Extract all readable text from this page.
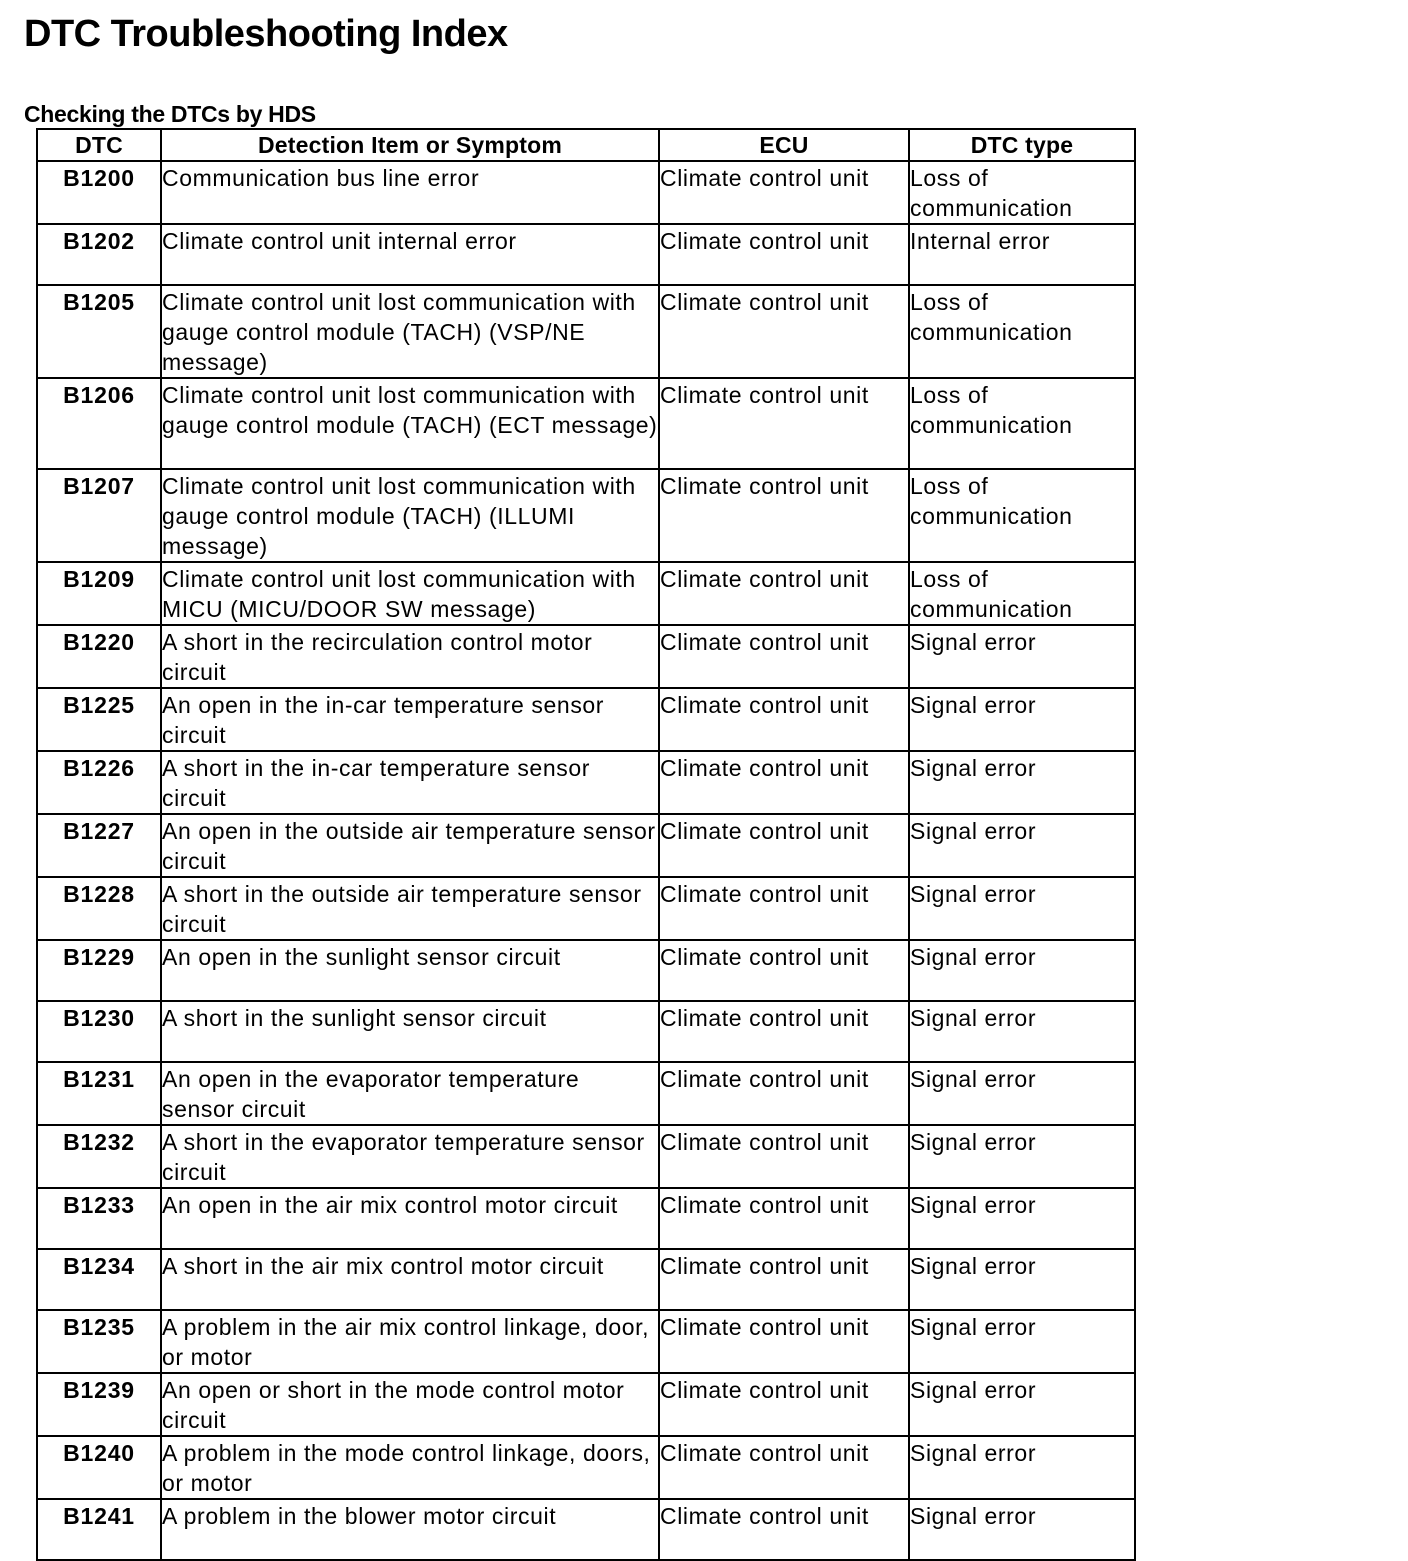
DTC Troubleshooting Index
Checking the DTCs by HDS
DTC	Detection Item or Symptom	ECU	DTC type
B1200	Communication bus line error	Climate control unit	Loss of communication
B1202	Climate control unit internal error	Climate control unit	Internal error
B1205	Climate control unit lost communication with gauge control module (TACH) (VSP/NE message)	Climate control unit	Loss of communication
B1206	Climate control unit lost communication with gauge control module (TACH) (ECT message)	Climate control unit	Loss of communication
B1207	Climate control unit lost communication with gauge control module (TACH) (ILLUMI message)	Climate control unit	Loss of communication
B1209	Climate control unit lost communication with MICU (MICU/DOOR SW message)	Climate control unit	Loss of communication
B1220	A short in the recirculation control motor circuit	Climate control unit	Signal error
B1225	An open in the in-car temperature sensor circuit	Climate control unit	Signal error
B1226	A short in the in-car temperature sensor circuit	Climate control unit	Signal error
B1227	An open in the outside air temperature sensor circuit	Climate control unit	Signal error
B1228	A short in the outside air temperature sensor circuit	Climate control unit	Signal error
B1229	An open in the sunlight sensor circuit	Climate control unit	Signal error
B1230	A short in the sunlight sensor circuit	Climate control unit	Signal error
B1231	An open in the evaporator temperature sensor circuit	Climate control unit	Signal error
B1232	A short in the evaporator temperature sensor circuit	Climate control unit	Signal error
B1233	An open in the air mix control motor circuit	Climate control unit	Signal error
B1234	A short in the air mix control motor circuit	Climate control unit	Signal error
B1235	A problem in the air mix control linkage, door, or motor	Climate control unit	Signal error
B1239	An open or short in the mode control motor circuit	Climate control unit	Signal error
B1240	A problem in the mode control linkage, doors, or motor	Climate control unit	Signal error
B1241	A problem in the blower motor circuit	Climate control unit	Signal error
